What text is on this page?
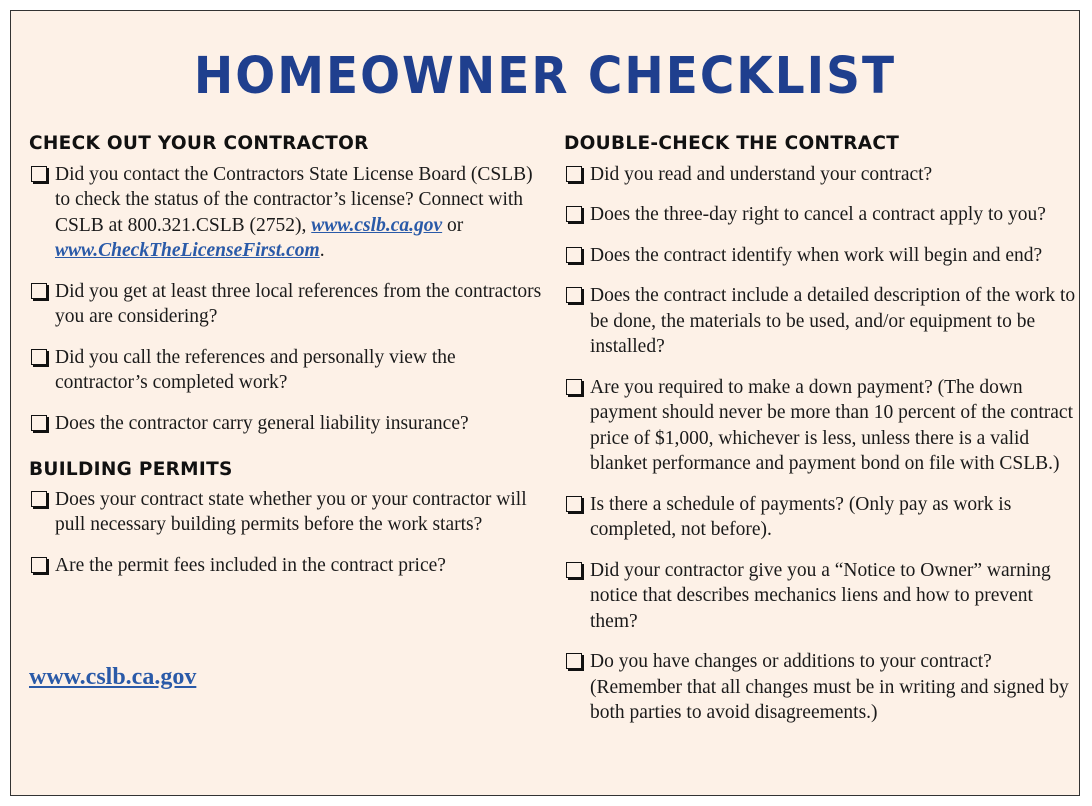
HOMEOWNER CHECKLIST
CHECK OUT YOUR CONTRACTOR
Did you contact the Contractors State License Board (CSLB) to check the status of the contractor’s license? Connect with CSLB at 800.321.CSLB (2752), www.cslb.ca.gov or www.CheckTheLicenseFirst.com.
Did you get at least three local references from the contractors you are considering?
Did you call the references and personally view the contractor’s completed work?
Does the contractor carry general liability insurance?
BUILDING PERMITS
Does your contract state whether you or your contractor will pull necessary building permits before the work starts?
Are the permit fees included in the contract price?
www.cslb.ca.gov
DOUBLE-CHECK THE CONTRACT
Did you read and understand your contract?
Does the three-day right to cancel a contract apply to you?
Does the contract identify when work will begin and end?
Does the contract include a detailed description of the work to be done, the materials to be used, and/or equipment to be installed?
Are you required to make a down payment? (The down payment should never be more than 10 percent of the contract price of $1,000, whichever is less, unless there is a valid blanket performance and payment bond on file with CSLB.)
Is there a schedule of payments? (Only pay as work is completed, not before).
Did your contractor give you a “Notice to Owner” warning notice that describes mechanics liens and how to prevent them?
Do you have changes or additions to your contract? (Remember that all changes must be in writing and signed by both parties to avoid disagreements.)
